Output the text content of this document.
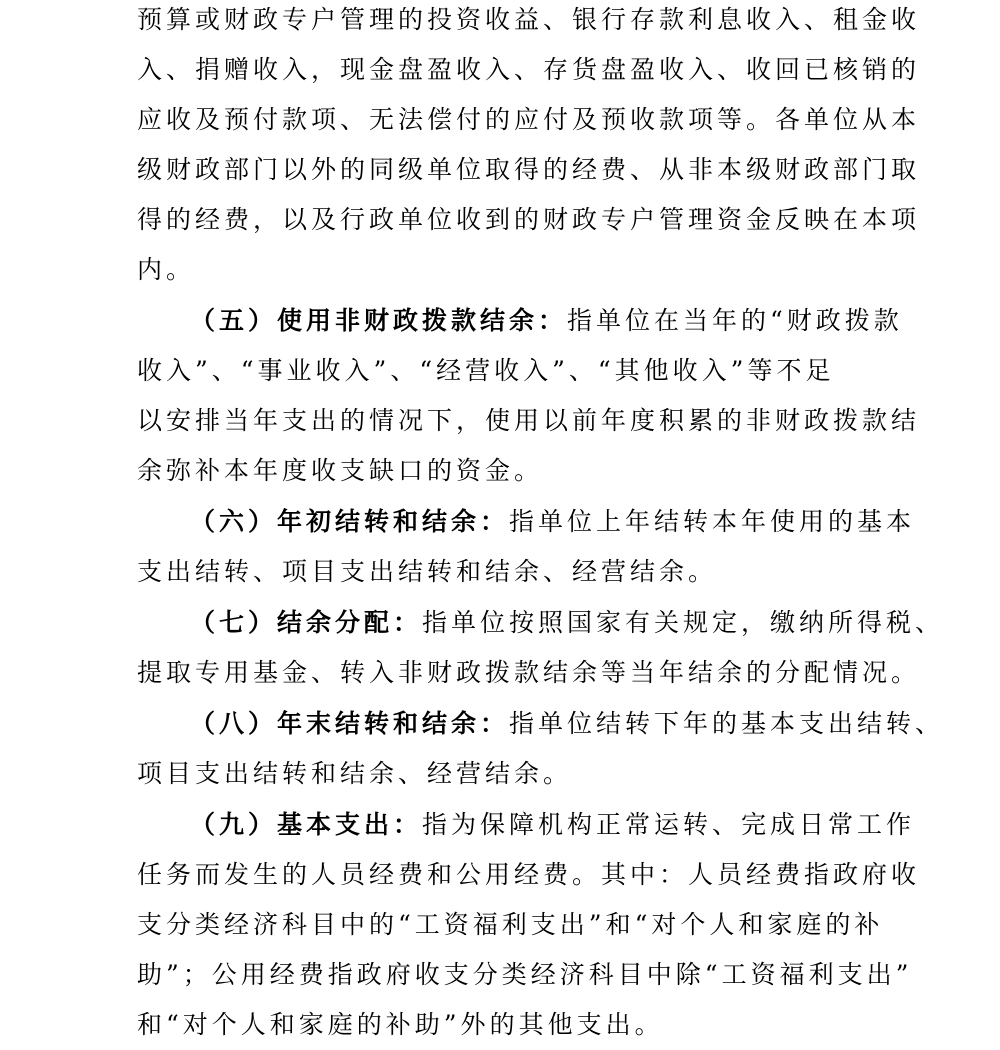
预算或财政专户管理的投资收益、银行存款利息收入、租金收
入、捐赠收入，现金盘盈收入、存货盘盈收入、收回已核销的
应收及预付款项、无法偿付的应付及预收款项等。各单位从本
级财政部门以外的同级单位取得的经费、从非本级财政部门取
得的经费，以及行政单位收到的财政专户管理资金反映在本项
内。
（五）使用非财政拨款结余：指单位在当年的“财政拨款
收入”、“事业收入”、“经营收入”、“其他收入”等不足
以安排当年支出的情况下，使用以前年度积累的非财政拨款结
余弥补本年度收支缺口的资金。
（六）年初结转和结余：指单位上年结转本年使用的基本
支出结转、项目支出结转和结余、经营结余。
（七）结余分配：指单位按照国家有关规定，缴纳所得税、
提取专用基金、转入非财政拨款结余等当年结余的分配情况。
（八）年末结转和结余：指单位结转下年的基本支出结转、
项目支出结转和结余、经营结余。
（九）基本支出：指为保障机构正常运转、完成日常工作
任务而发生的人员经费和公用经费。其中：人员经费指政府收
支分类经济科目中的“工资福利支出”和“对个人和家庭的补
助”；公用经费指政府收支分类经济科目中除“工资福利支出”
和“对个人和家庭的补助”外的其他支出。
